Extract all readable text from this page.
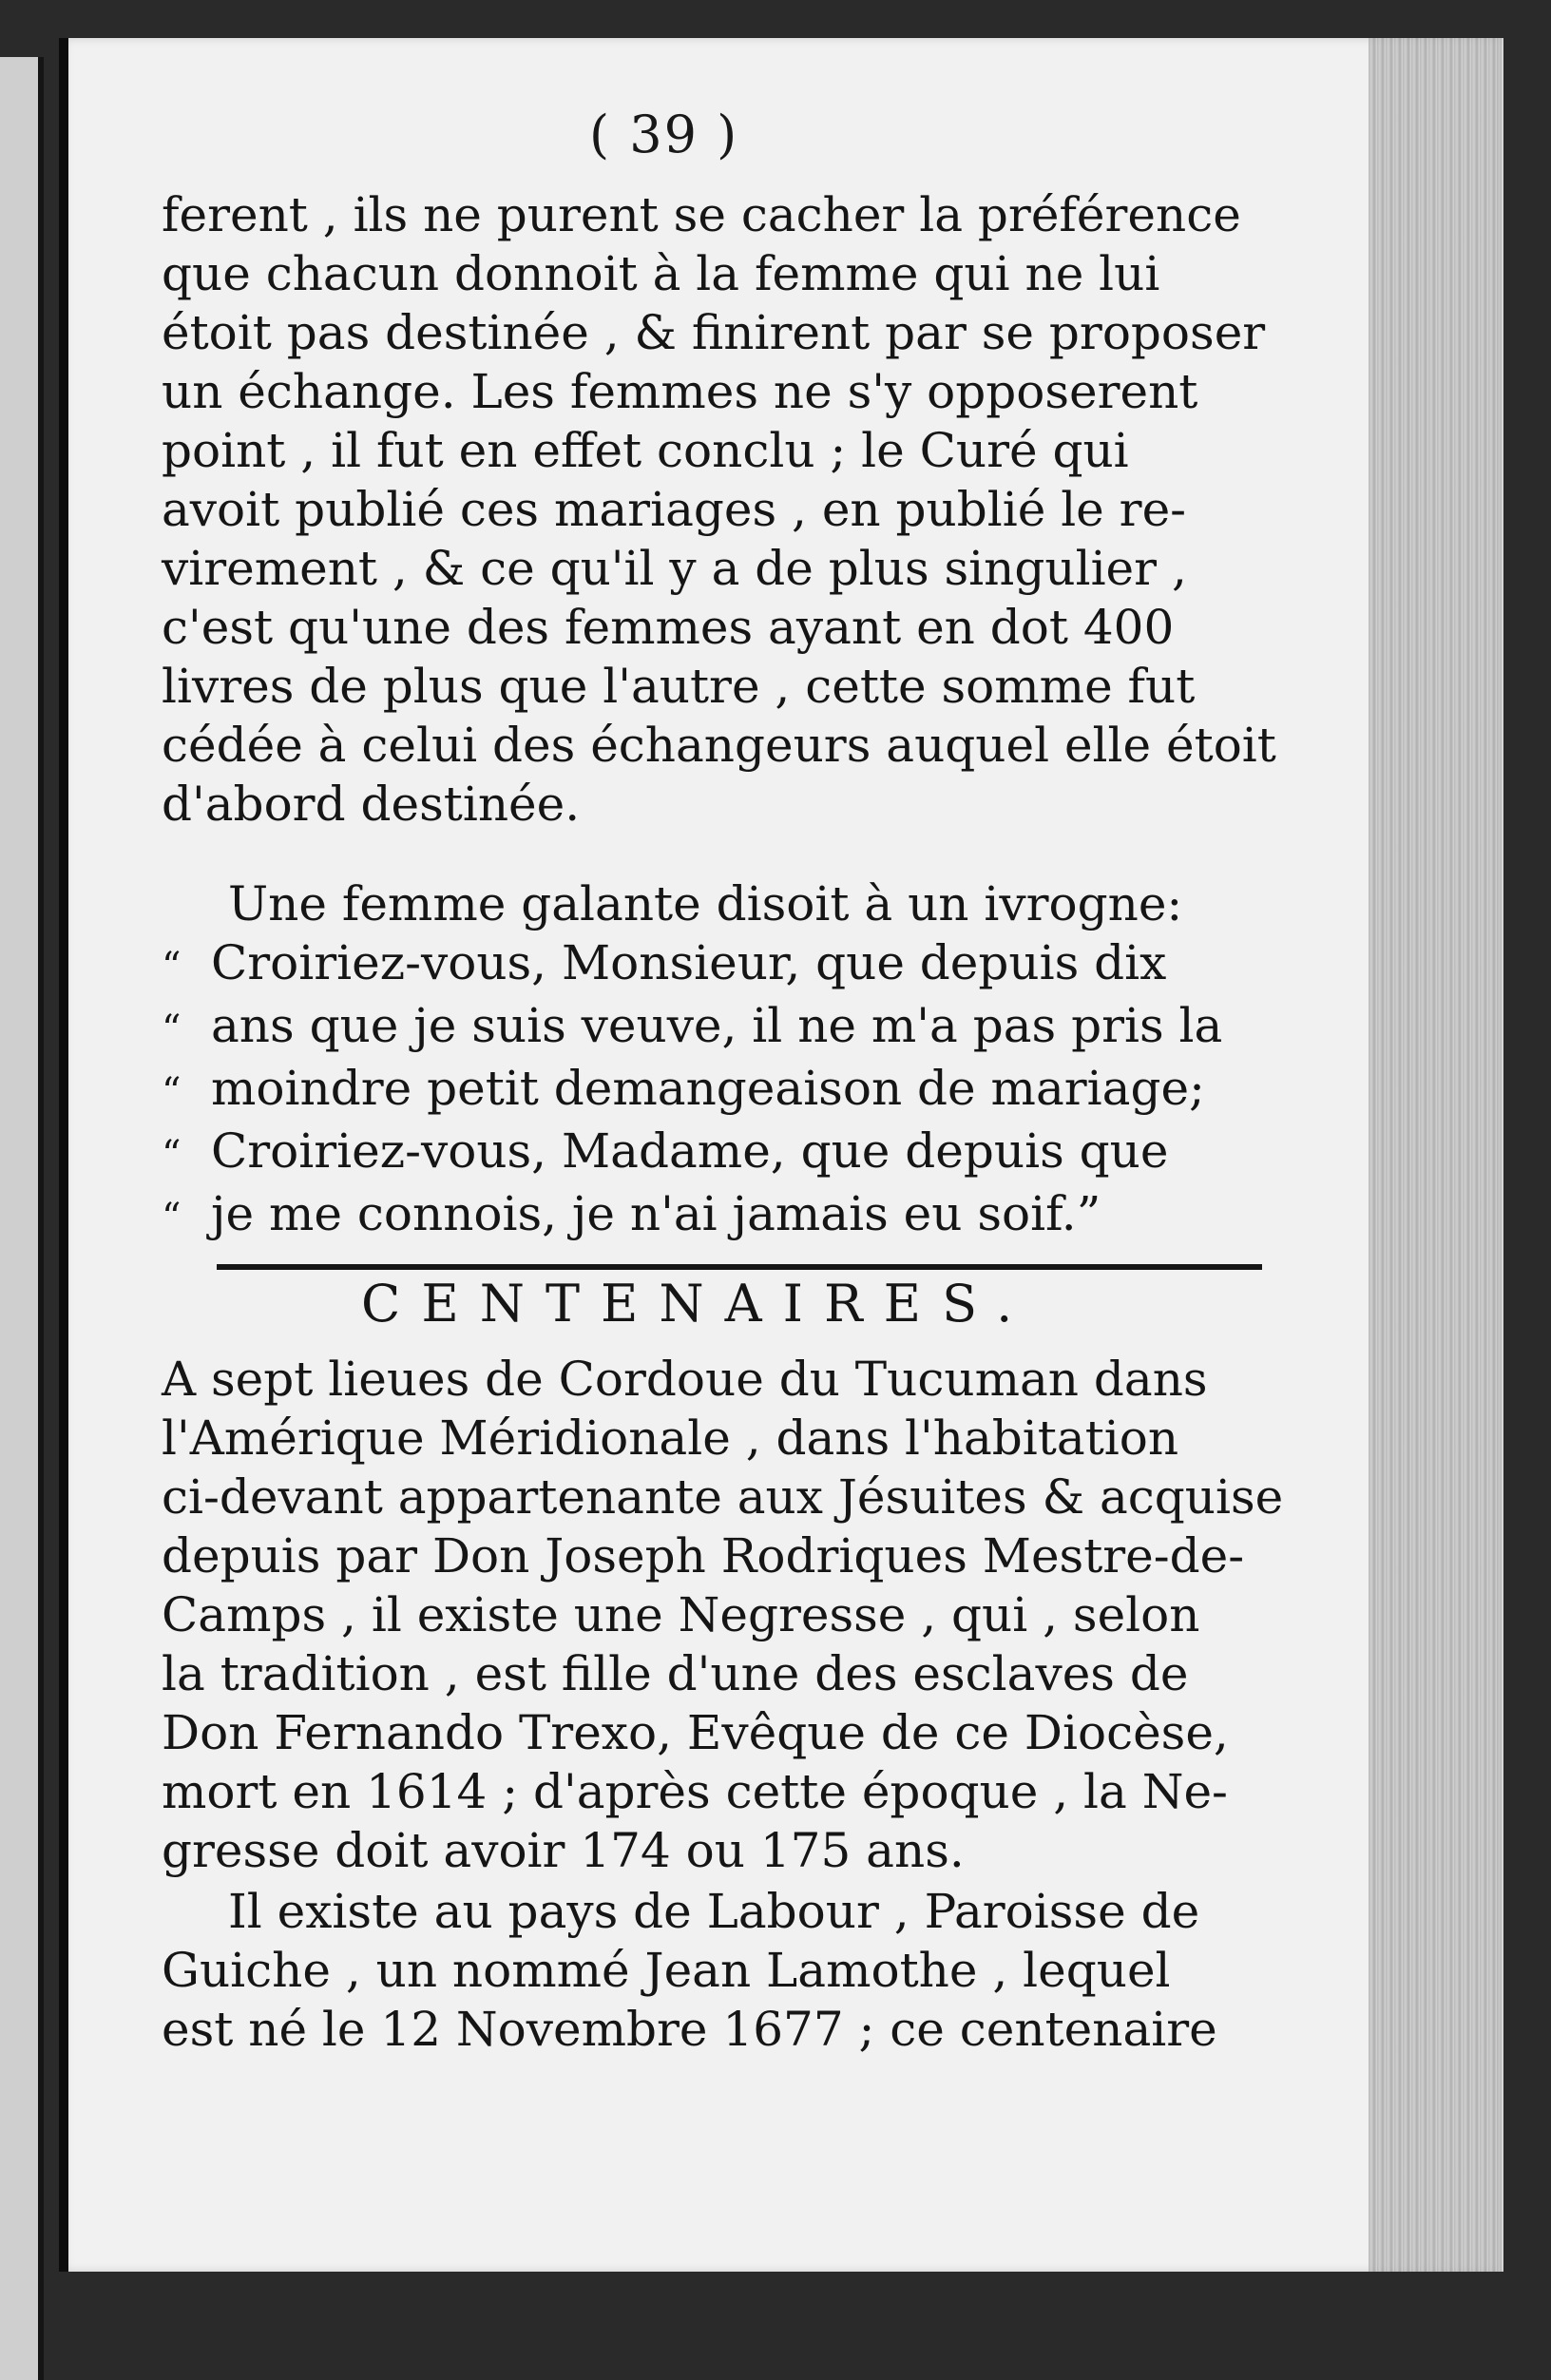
( 39 )
ferent , ils ne purent se cacher la préférence
que chacun donnoit à la femme qui ne lui
étoit pas destinée , & finirent par se proposer
un échange. Les femmes ne s'y opposerent
point , il fut en effet conclu ; le Curé qui
avoit publié ces mariages , en publié le re-
virement , & ce qu'il y a de plus singulier ,
c'est qu'une des femmes ayant en dot 400
livres de plus que l'autre , cette somme fut
cédée à celui des échangeurs auquel elle étoit
d'abord destinée.
Une femme galante disoit à un ivrogne:
“ Croiriez-vous, Monsieur, que depuis dix
“ ans que je suis veuve, il ne m'a pas pris la
“ moindre petit demangeaison de mariage;
“ Croiriez-vous, Madame, que depuis que
“ je me connois, je n'ai jamais eu soif.”
CENTENAIRES.
A sept lieues de Cordoue du Tucuman dans
l'Amérique Méridionale , dans l'habitation
ci-devant appartenante aux Jésuites & acquise
depuis par Don Joseph Rodriques Mestre-de-
Camps , il existe une Negresse , qui , selon
la tradition , est fille d'une des esclaves de
Don Fernando Trexo, Evêque de ce Diocèse,
mort en 1614 ; d'après cette époque , la Ne-
gresse doit avoir 174 ou 175 ans.
Il existe au pays de Labour , Paroisse de
Guiche , un nommé Jean Lamothe , lequel
est né le 12 Novembre 1677 ; ce centenaire
